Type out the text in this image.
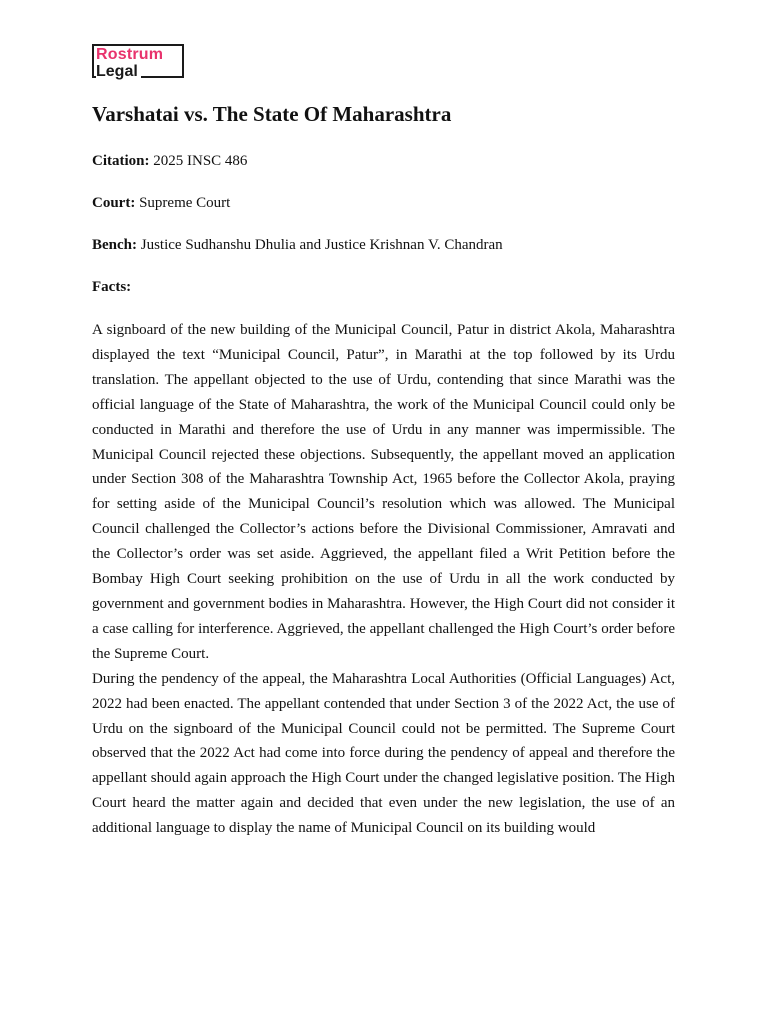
Rostrum
Legal
Varshatai vs. The State Of Maharashtra

Citation: 2025 INSC 486

Court: Supreme Court

Bench: Justice Sudhanshu Dhulia and Justice Krishnan V. Chandran

Facts:

A signboard of the new building of the Municipal Council, Patur in district Akola, Maharashtra displayed the text “Municipal Council, Patur”, in Marathi at the top followed by its Urdu translation. The appellant objected to the use of Urdu, contending that since Marathi was the official language of the State of Maharashtra, the work of the Municipal Council could only be conducted in Marathi and therefore the use of Urdu in any manner was impermissible. The Municipal Council rejected these objections. Subsequently, the appellant moved an application under Section 308 of the Maharashtra Township Act, 1965 before the Collector Akola, praying for setting aside of the Municipal Council’s resolution which was allowed. The Municipal Council challenged the Collector’s actions before the Divisional Commissioner, Amravati and the Collector’s order was set aside. Aggrieved, the appellant filed a Writ Petition before the Bombay High Court seeking prohibition on the use of Urdu in all the work conducted by government and government bodies in Maharashtra. However, the High Court did not consider it a case calling for interference. Aggrieved, the appellant challenged the High Court’s order before the Supreme Court.

During the pendency of the appeal, the Maharashtra Local Authorities (Official Languages) Act, 2022 had been enacted. The appellant contended that under Section 3 of the 2022 Act, the use of Urdu on the signboard of the Municipal Council could not be permitted. The Supreme Court observed that the 2022 Act had come into force during the pendency of appeal and therefore the appellant should again approach the High Court under the changed legislative position. The High Court heard the matter again and decided that even under the new legislation, the use of an additional language to display the name of Municipal Council on its building would
